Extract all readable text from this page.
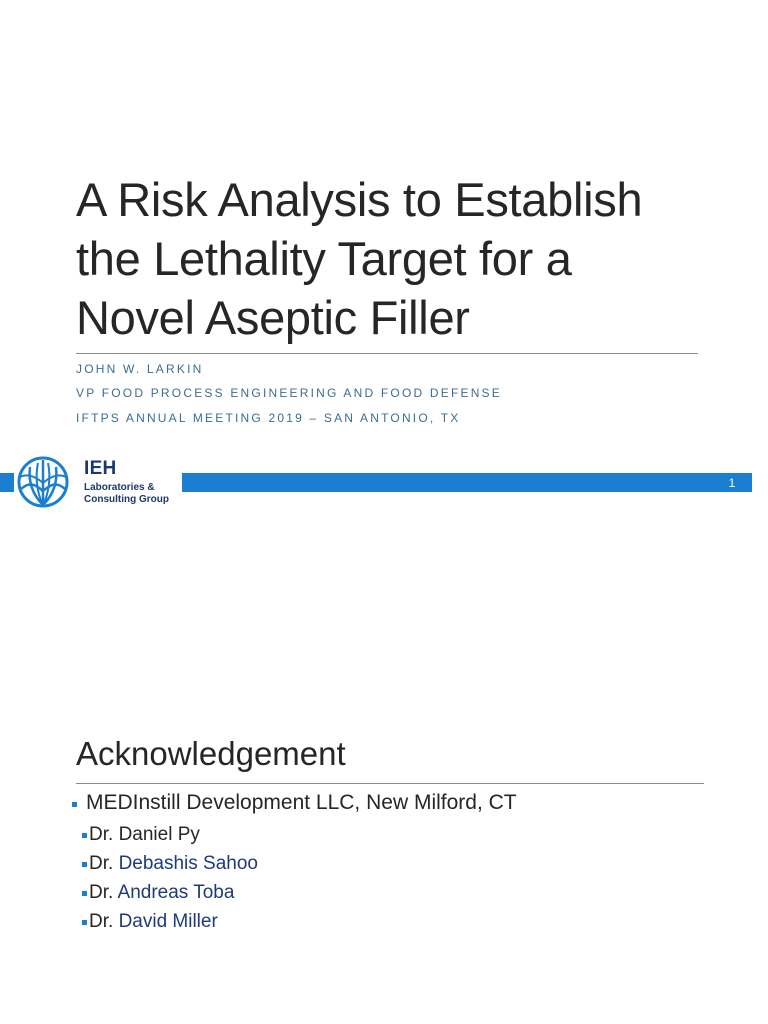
A Risk Analysis to Establish
the Lethality Target for a
Novel Aseptic Filler
JOHN W. LARKIN
VP FOOD PROCESS ENGINEERING AND FOOD DEFENSE
IFTPS ANNUAL MEETING 2019 – SAN ANTONIO, TX
IEH
Laboratories &
Consulting Group
1
Acknowledgement
MEDInstill Development LLC, New Milford, CT
Dr. Daniel Py
Dr. Debashis Sahoo
Dr. Andreas Toba
Dr. David Miller
